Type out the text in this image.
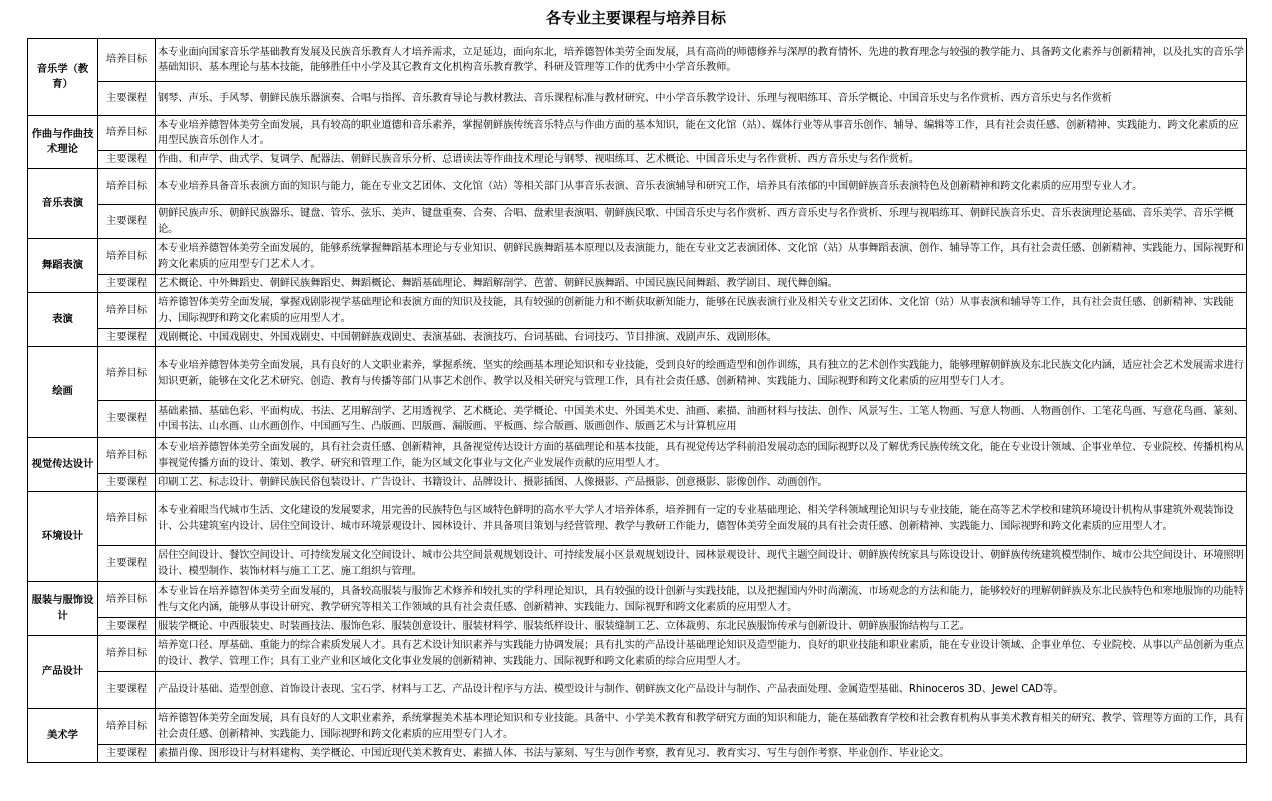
各专业主要课程与培养目标
音乐学（教育）	培养目标	本专业面向国家音乐学基础教育发展及民族音乐教育人才培养需求，立足延边，面向东北，培养德智体美劳全面发展，具有高尚的师德修养与深厚的教育情怀、先进的教育理念与较强的教学能力、具备跨文化素养与创新精神，以及扎实的音乐学基础知识、基本理论与基本技能，能够胜任中小学及其它教育文化机构音乐教育教学、科研及管理等工作的优秀中小学音乐教师。
	主要课程	钢琴、声乐、手风琴、朝鲜民族乐器演奏、合唱与指挥、音乐教育导论与教材教法、音乐课程标准与教材研究、中小学音乐教学设计、乐理与视唱练耳、音乐学概论、中国音乐史与名作赏析、西方音乐史与名作赏析
作曲与作曲技术理论	培养目标	本专业培养德智体美劳全面发展，具有较高的职业道德和音乐素养，掌握朝鲜族传统音乐特点与作曲方面的基本知识，能在文化馆（站）、媒体行业等从事音乐创作、辅导、编辑等工作，具有社会责任感、创新精神、实践能力、跨文化素质的应用型民族音乐创作人才。
	主要课程	作曲、和声学、曲式学、复调学、配器法、朝鲜民族音乐分析、总谱读法等作曲技术理论与钢琴、视唱练耳、艺术概论、中国音乐史与名作赏析、西方音乐史与名作赏析。
音乐表演	培养目标	本专业培养具备音乐表演方面的知识与能力，能在专业文艺团体、文化馆（站）等相关部门从事音乐表演、音乐表演辅导和研究工作，培养具有浓郁的中国朝鲜族音乐表演特色及创新精神和跨文化素质的应用型专业人才。
	主要课程	朝鲜民族声乐、朝鲜民族器乐、键盘、管乐、弦乐、美声、键盘重奏、合奏、合唱、盘索里表演唱、朝鲜族民歌、中国音乐史与名作赏析、西方音乐史与名作赏析、乐理与视唱练耳、朝鲜民族音乐史、音乐表演理论基础、音乐美学、音乐学概论。
舞蹈表演	培养目标	本专业培养德智体美劳全面发展的，能够系统掌握舞蹈基本理论与专业知识、朝鲜民族舞蹈基本原理以及表演能力，能在专业文艺表演团体、文化馆（站）从事舞蹈表演、创作、辅导等工作，具有社会责任感、创新精神、实践能力、国际视野和跨文化素质的应用型专门艺术人才。
	主要课程	艺术概论、中外舞蹈史、朝鲜民族舞蹈史、舞蹈概论、舞蹈基础理论、舞蹈解剖学、芭蕾、朝鲜民族舞蹈、中国民族民间舞蹈、教学剧目、现代舞创编。
表演	培养目标	培养德智体美劳全面发展，掌握戏剧影视学基础理论和表演方面的知识及技能，具有较强的创新能力和不断获取新知能力，能够在民族表演行业及相关专业文艺团体、文化馆（站）从事表演和辅导等工作，具有社会责任感、创新精神、实践能力、国际视野和跨文化素质的应用型人才。
	主要课程	戏剧概论、中国戏剧史、外国戏剧史、中国朝鲜族戏剧史、表演基础、表演技巧、台词基础、台词技巧、节目排演、戏剧声乐、戏剧形体。
绘画	培养目标	本专业培养德智体美劳全面发展，具有良好的人文职业素养，掌握系统、坚实的绘画基本理论知识和专业技能，受到良好的绘画造型和创作训练，具有独立的艺术创作实践能力，能够理解朝鲜族及东北民族文化内涵，适应社会艺术发展需求进行知识更新，能够在文化艺术研究、创造、教育与传播等部门从事艺术创作、教学以及相关研究与管理工作，具有社会责任感、创新精神、实践能力、国际视野和跨文化素质的应用型专门人才。
	主要课程	基础素描、基础色彩、平面构成、书法、艺用解剖学、艺用透视学、艺术概论、美学概论、中国美术史、外国美术史、油画、素描、油画材料与技法、创作、风景写生、工笔人物画、写意人物画、人物画创作、工笔花鸟画、写意花鸟画、篆刻、中国书法、山水画、山水画创作、中国画写生、凸版画、凹版画、漏版画、平板画、综合版画、版画创作、版画艺术与计算机应用
视觉传达设计	培养目标	本专业培养德智体美劳全面发展的，具有社会责任感、创新精神，具备视觉传达设计方面的基础理论和基本技能，具有视觉传达学科前沿发展动态的国际视野以及了解优秀民族传统文化，能在专业设计领域、企事业单位、专业院校、传播机构从事视觉传播方面的设计、策划、教学、研究和管理工作，能为区域文化事业与文化产业发展作贡献的应用型人才。
	主要课程	印刷工艺、标志设计、朝鲜民族民俗包装设计、广告设计、书籍设计、品牌设计、摄影插图、人像摄影、产品摄影、创意摄影、影像创作、动画创作。
环境设计	培养目标	本专业着眼当代城市生活、文化建设的发展要求，用完善的民族特色与区域特色鲜明的高水平大学人才培养体系，培养拥有一定的专业基础理论、相关学科领域理论知识与专业技能，能在高等艺术学校和建筑环境设计机构从事建筑外观装饰设计、公共建筑室内设计、居住空间设计、城市环境景观设计、园林设计、并具备项目策划与经营管理、教学与教研工作能力，德智体美劳全面发展的具有社会责任感、创新精神、实践能力、国际视野和跨文化素质的应用型人才。
	主要课程	居住空间设计、餐饮空间设计、可持续发展文化空间设计、城市公共空间景观规划设计、可持续发展小区景观规划设计、园林景观设计、现代主题空间设计、朝鲜族传统家具与陈设设计、朝鲜族传统建筑模型制作、城市公共空间设计、环境照明设计、模型制作、装饰材料与施工工艺、施工组织与管理。
服装与服饰设计	培养目标	本专业旨在培养德智体美劳全面发展的，具备较高服装与服饰艺术修养和较扎实的学科理论知识，具有较强的设计创新与实践技能，以及把握国内外时尚潮流、市场观念的方法和能力，能够较好的理解朝鲜族及东北民族特色和寒地服饰的功能特性与文化内涵，能够从事设计研究、教学研究等相关工作领域的具有社会责任感、创新精神、实践能力、国际视野和跨文化素质的应用型人才。
	主要课程	服装学概论、中西服装史、时装画技法、服饰色彩、服装创意设计、服装材料学、服装纸样设计、服装缝制工艺、立体裁剪、东北民族服饰传承与创新设计、朝鲜族服饰结构与工艺。
产品设计	培养目标	培养宽口径、厚基础、重能力的综合素质发展人才。具有艺术设计知识素养与实践能力协调发展；具有扎实的产品设计基础理论知识及造型能力、良好的职业技能和职业素质，能在专业设计领域、企事业单位、专业院校、从事以产品创新为重点的设计、教学、管理工作；具有工业产业和区域化文化事业发展的创新精神、实践能力、国际视野和跨文化素质的综合应用型人才。
	主要课程	产品设计基础、造型创意、首饰设计表现、宝石学、材料与工艺、产品设计程序与方法、模型设计与制作、朝鲜族文化产品设计与制作、产品表面处理、金属造型基础、Rhinoceros 3D、Jewel CAD等。
美术学	培养目标	培养德智体美劳全面发展，具有良好的人文职业素养，系统掌握美术基本理论知识和专业技能。具备中、小学美术教育和教学研究方面的知识和能力，能在基础教育学校和社会教育机构从事美术教育相关的研究、教学、管理等方面的工作，具有社会责任感、创新精神、实践能力、国际视野和跨文化素质的应用型专门人才。
	主要课程	素描肖像、图形设计与材料建构、美学概论、中国近现代美术教育史、素描人体、书法与篆刻、写生与创作考察，教育见习、教育实习、写生与创作考察、毕业创作、毕业论文。
